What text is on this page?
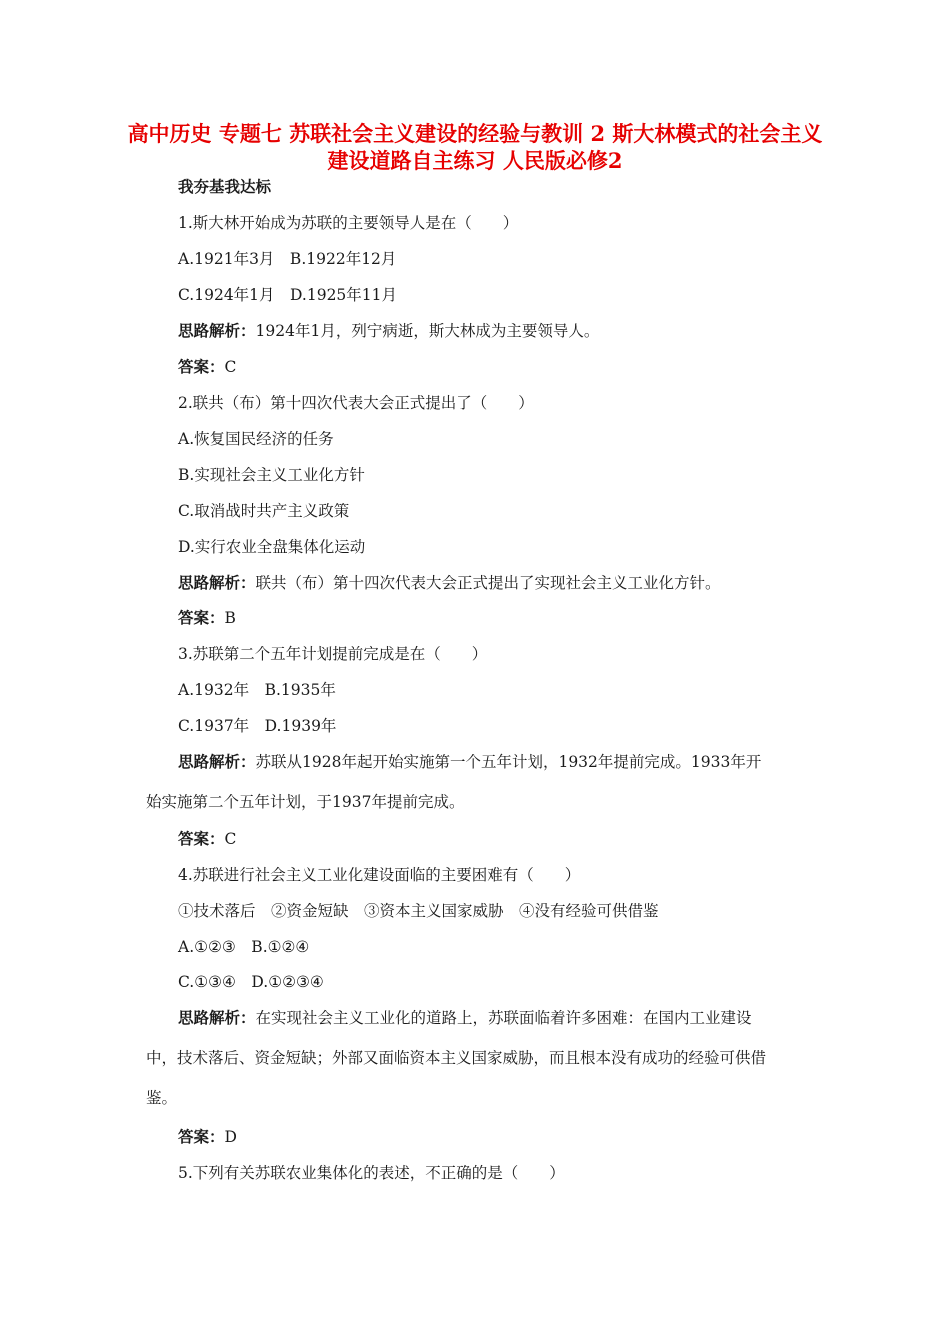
高中历史 专题七 苏联社会主义建设的经验与教训 2 斯大林模式的社会主义建设道路自主练习 人民版必修2
我夯基我达标
1.斯大林开始成为苏联的主要领导人是在（　　）
A.1921年3月　B.1922年12月
C.1924年1月　D.1925年11月
思路解析：1924年1月，列宁病逝，斯大林成为主要领导人。
答案：C
2.联共（布）第十四次代表大会正式提出了（　　）
A.恢复国民经济的任务
B.实现社会主义工业化方针
C.取消战时共产主义政策
D.实行农业全盘集体化运动
思路解析：联共（布）第十四次代表大会正式提出了实现社会主义工业化方针。
答案：B
3.苏联第二个五年计划提前完成是在（　　）
A.1932年　B.1935年
C.1937年　D.1939年
思路解析：苏联从1928年起开始实施第一个五年计划，1932年提前完成。1933年开始实施第二个五年计划，于1937年提前完成。
答案：C
4.苏联进行社会主义工业化建设面临的主要困难有（　　）
①技术落后　②资金短缺　③资本主义国家威胁　④没有经验可供借鉴
A.①②③　B.①②④
C.①③④　D.①②③④
思路解析：在实现社会主义工业化的道路上，苏联面临着许多困难：在国内工业建设中，技术落后、资金短缺；外部又面临资本主义国家威胁，而且根本没有成功的经验可供借鉴。
答案：D
5.下列有关苏联农业集体化的表述，不正确的是（　　）
